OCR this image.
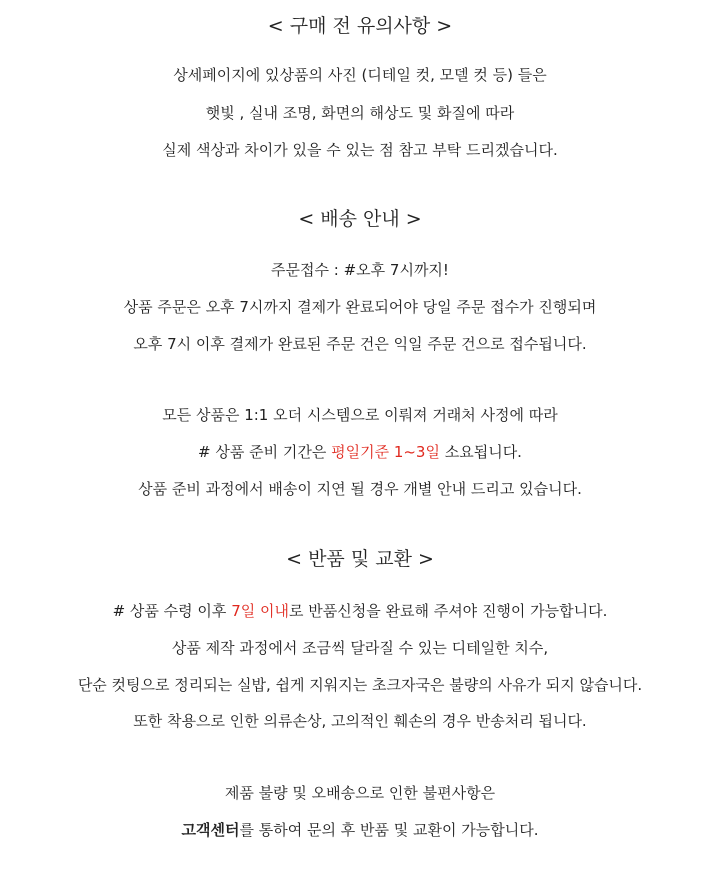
< 구매 전 유의사항 >
상세페이지에 있상품의 사진 (디테일 컷, 모델 컷 등) 들은
햇빛 , 실내 조명, 화면의 해상도 및 화질에 따라
실제 색상과 차이가 있을 수 있는 점 참고 부탁 드리겠습니다.
< 배송 안내 >
주문접수 : #오후 7시까지!
상품 주문은 오후 7시까지 결제가 완료되어야 당일 주문 접수가 진행되며
오후 7시 이후 결제가 완료된 주문 건은 익일 주문 건으로 접수됩니다.
모든 상품은 1:1 오더 시스템으로 이뤄져 거래처 사정에 따라
# 상품 준비 기간은 평일기준 1~3일 소요됩니다.
상품 준비 과정에서 배송이 지연 될 경우 개별 안내 드리고 있습니다.
< 반품 및 교환 >
# 상품 수령 이후 7일 이내로 반품신청을 완료해 주셔야 진행이 가능합니다.
상품 제작 과정에서 조금씩 달라질 수 있는 디테일한 치수,
단순 컷팅으로 정리되는 실밥, 쉽게 지워지는 초크자국은 불량의 사유가 되지 않습니다.
또한 착용으로 인한 의류손상, 고의적인 훼손의 경우 반송처리 됩니다.
제품 불량 및 오배송으로 인한 불편사항은
고객센터를 통하여 문의 후 반품 및 교환이 가능합니다.
